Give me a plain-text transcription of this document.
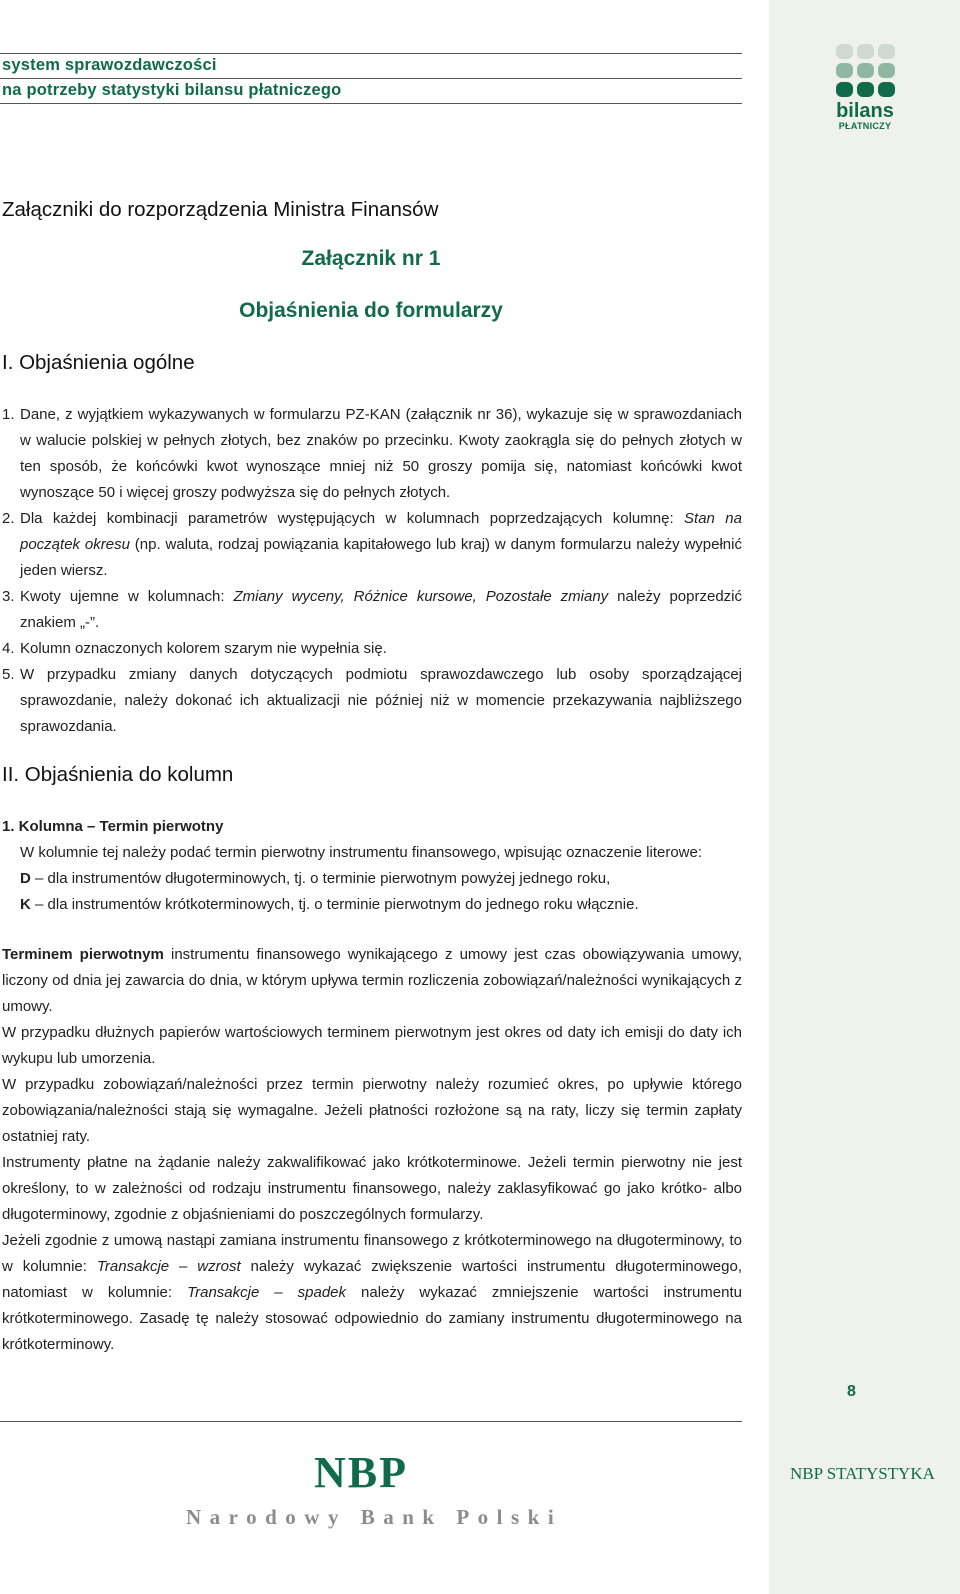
system sprawozdawczości
na potrzeby statystyki bilansu płatniczego
bilans
PŁATNICZY
Załączniki do rozporządzenia Ministra Finansów
Załącznik nr 1
Objaśnienia do formularzy
I. Objaśnienia ogólne
1. Dane, z wyjątkiem wykazywanych w formularzu PZ-KAN (załącznik nr 36), wykazuje się w sprawozdaniach w walucie polskiej w pełnych złotych, bez znaków po przecinku. Kwoty zaokrągla się do pełnych złotych w ten sposób, że końcówki kwot wynoszące mniej niż 50 groszy pomija się, natomiast końcówki kwot wynoszące 50 i więcej groszy podwyższa się do pełnych złotych.
2. Dla każdej kombinacji parametrów występujących w kolumnach poprzedzających kolumnę: Stan na początek okresu (np. waluta, rodzaj powiązania kapitałowego lub kraj) w danym formularzu należy wypełnić jeden wiersz.
3. Kwoty ujemne w kolumnach: Zmiany wyceny, Różnice kursowe, Pozostałe zmiany należy poprzedzić znakiem „-”.
4. Kolumn oznaczonych kolorem szarym nie wypełnia się.
5. W przypadku zmiany danych dotyczących podmiotu sprawozdawczego lub osoby sporządzającej sprawozdanie, należy dokonać ich aktualizacji nie później niż w momencie przekazywania najbliższego sprawozdania.
II. Objaśnienia do kolumn

1. Kolumna – Termin pierwotny

W kolumnie tej należy podać termin pierwotny instrumentu finansowego, wpisując oznaczenie literowe:

D – dla instrumentów długoterminowych, tj. o terminie pierwotnym powyżej jednego roku,

K – dla instrumentów krótkoterminowych, tj. o terminie pierwotnym do jednego roku włącznie.

Terminem pierwotnym instrumentu finansowego wynikającego z umowy jest czas obowiązywania umowy, liczony od dnia jej zawarcia do dnia, w którym upływa termin rozliczenia zobowiązań/należności wynikających z umowy.

W przypadku dłużnych papierów wartościowych terminem pierwotnym jest okres od daty ich emisji do daty ich wykupu lub umorzenia.

W przypadku zobowiązań/należności przez termin pierwotny należy rozumieć okres, po upływie którego zobowiązania/należności stają się wymagalne. Jeżeli płatności rozłożone są na raty, liczy się termin zapłaty ostatniej raty.

Instrumenty płatne na żądanie należy zakwalifikować jako krótkoterminowe. Jeżeli termin pierwotny nie jest określony, to w zależności od rodzaju instrumentu finansowego, należy zaklasyfikować go jako krótko- albo długoterminowy, zgodnie z objaśnieniami do poszczególnych formularzy.

Jeżeli zgodnie z umową nastąpi zamiana instrumentu finansowego z krótkoterminowego na długoterminowy, to w kolumnie: Transakcje – wzrost należy wykazać zwiększenie wartości instrumentu długoterminowego, natomiast w kolumnie: Transakcje – spadek należy wykazać zmniejszenie wartości instrumentu krótkoterminowego. Zasadę tę należy stosować odpowiednio do zamiany instrumentu długoterminowego na krótkoterminowy.

8
NBP
Narodowy Bank Polski
NBP STATYSTYKA
